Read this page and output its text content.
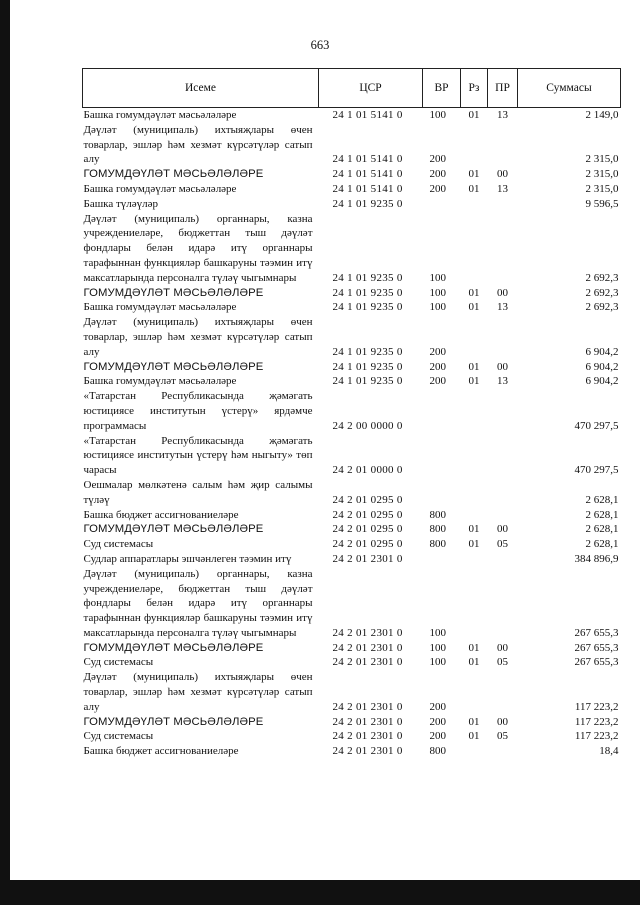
663
Исеме	ЦСР	ВР	Рз	ПР	Суммасы
Башка гомумдәүләт мәсьәләләре	24 1 01 5141 0	100	01	13	2 149,0
Дәүләт (муниципаль) ихтыяҗлары өчен товарлар, эшләр һәм хезмәт күрсәтүләр сатып алу	24 1 01 5141 0	200			2 315,0
ГОМУМДӘҮЛӘТ МӘСЬӘЛӘЛӘРЕ	24 1 01 5141 0	200	01	00	2 315,0
Башка гомумдәүләт мәсьәләләре	24 1 01 5141 0	200	01	13	2 315,0
Башка түләүләр	24 1 01 9235 0				9 596,5
Дәүләт (муниципаль) органнары, казна учреждениеләре, бюджеттан тыш дәүләт фондлары белән идарә итү органнары тарафыннан функцияләр башкаруны тәэмин итү максатларында персоналга түләү чыгымнары	24 1 01 9235 0	100			2 692,3
ГОМУМДӘҮЛӘТ МӘСЬӘЛӘЛӘРЕ	24 1 01 9235 0	100	01	00	2 692,3
Башка гомумдәүләт мәсьәләләре	24 1 01 9235 0	100	01	13	2 692,3
Дәүләт (муниципаль) ихтыяҗлары өчен товарлар, эшләр һәм хезмәт күрсәтүләр сатып алу	24 1 01 9235 0	200			6 904,2
ГОМУМДӘҮЛӘТ МӘСЬӘЛӘЛӘРЕ	24 1 01 9235 0	200	01	00	6 904,2
Башка гомумдәүләт мәсьәләләре	24 1 01 9235 0	200	01	13	6 904,2
«Татарстан Республикасында җәмәгать юстициясе институтын үстерү» ярдәмче программасы	24 2 00 0000 0				470 297,5
«Татарстан Республикасында җәмәгать юстициясе институтын үстерү һәм ныгыту» төп чарасы	24 2 01 0000 0				470 297,5
Оешмалар мөлкәтенә салым һәм җир салымы түләү	24 2 01 0295 0				2 628,1
Башка бюджет ассигнованиеләре	24 2 01 0295 0	800			2 628,1
ГОМУМДӘҮЛӘТ МӘСЬӘЛӘЛӘРЕ	24 2 01 0295 0	800	01	00	2 628,1
Суд системасы	24 2 01 0295 0	800	01	05	2 628,1
Судлар аппаратлары эшчәнлеген тәэмин итү	24 2 01 2301 0				384 896,9
Дәүләт (муниципаль) органнары, казна учреждениеләре, бюджеттан тыш дәүләт фондлары белән идарә итү органнары тарафыннан функцияләр башкаруны тәэмин итү максатларында персоналга түләү чыгымнары	24 2 01 2301 0	100			267 655,3
ГОМУМДӘҮЛӘТ МӘСЬӘЛӘЛӘРЕ	24 2 01 2301 0	100	01	00	267 655,3
Суд системасы	24 2 01 2301 0	100	01	05	267 655,3
Дәүләт (муниципаль) ихтыяҗлары өчен товарлар, эшләр һәм хезмәт күрсәтүләр сатып алу	24 2 01 2301 0	200			117 223,2
ГОМУМДӘҮЛӘТ МӘСЬӘЛӘЛӘРЕ	24 2 01 2301 0	200	01	00	117 223,2
Суд системасы	24 2 01 2301 0	200	01	05	117 223,2
Башка бюджет ассигнованиеләре	24 2 01 2301 0	800			18,4
